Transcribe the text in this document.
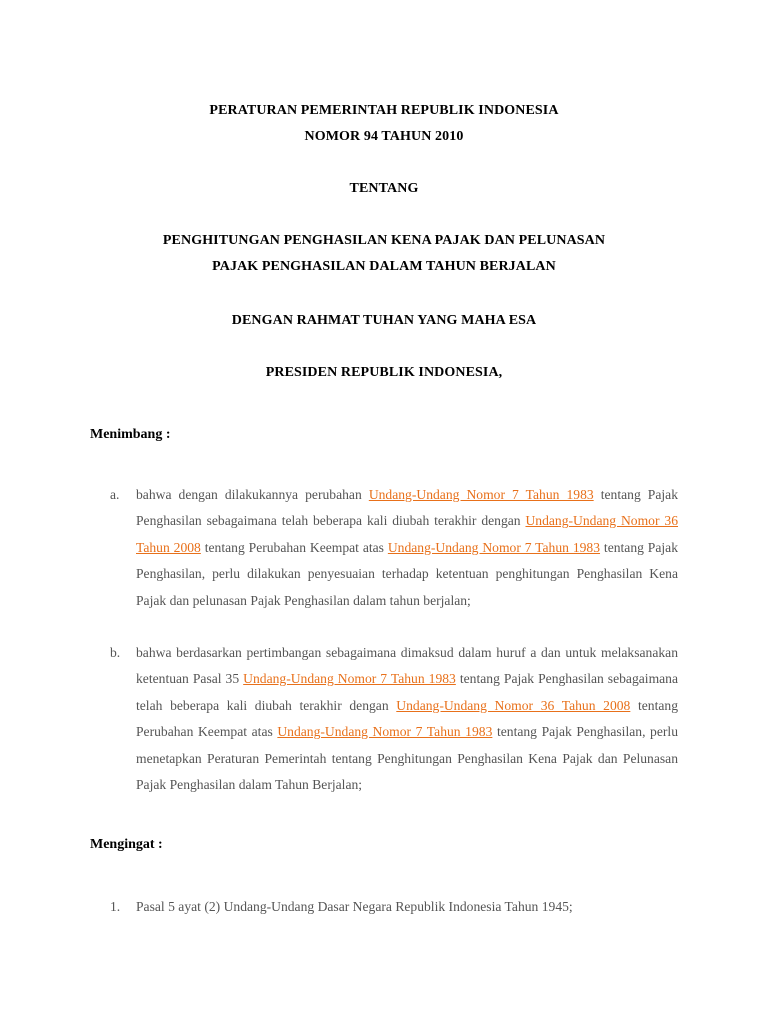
PERATURAN PEMERINTAH REPUBLIK INDONESIA
NOMOR 94 TAHUN 2010
TENTANG
PENGHITUNGAN PENGHASILAN KENA PAJAK DAN PELUNASAN
PAJAK PENGHASILAN DALAM TAHUN BERJALAN
DENGAN RAHMAT TUHAN YANG MAHA ESA
PRESIDEN REPUBLIK INDONESIA,
Menimbang :
a.	bahwa dengan dilakukannya perubahan Undang-Undang Nomor 7 Tahun 1983 tentang Pajak Penghasilan sebagaimana telah beberapa kali diubah terakhir dengan Undang-Undang Nomor 36 Tahun 2008 tentang Perubahan Keempat atas Undang-Undang Nomor 7 Tahun 1983 tentang Pajak Penghasilan, perlu dilakukan penyesuaian terhadap ketentuan penghitungan Penghasilan Kena Pajak dan pelunasan Pajak Penghasilan dalam tahun berjalan;
b.	bahwa berdasarkan pertimbangan sebagaimana dimaksud dalam huruf a dan untuk melaksanakan ketentuan Pasal 35 Undang-Undang Nomor 7 Tahun 1983 tentang Pajak Penghasilan sebagaimana telah beberapa kali diubah terakhir dengan Undang-Undang Nomor 36 Tahun 2008 tentang Perubahan Keempat atas Undang-Undang Nomor 7 Tahun 1983 tentang Pajak Penghasilan, perlu menetapkan Peraturan Pemerintah tentang Penghitungan Penghasilan Kena Pajak dan Pelunasan Pajak Penghasilan dalam Tahun Berjalan;
Mengingat :
1.	Pasal 5 ayat (2) Undang-Undang Dasar Negara Republik Indonesia Tahun 1945;
